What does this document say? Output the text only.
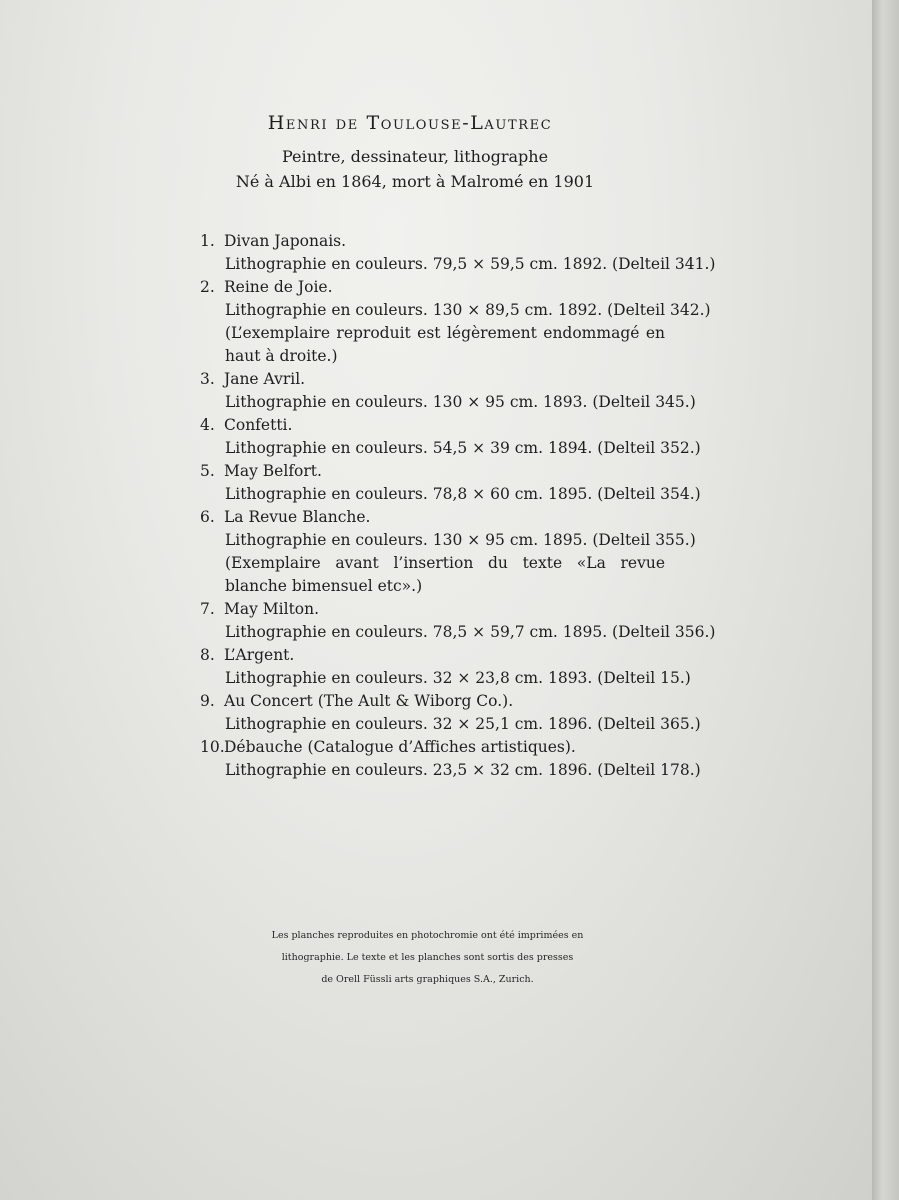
Henri de Toulouse-Lautrec
Peintre, dessinateur, lithographe
Né à Albi en 1864, mort à Malromé en 1901
1. Divan Japonais.
Lithographie en couleurs. 79,5 × 59,5 cm. 1892. (Delteil 341.)
2. Reine de Joie.
Lithographie en couleurs. 130 × 89,5 cm. 1892. (Delteil 342.)
(L’exemplaire reproduit est légèrement endommagé en haut à droite.)
3. Jane Avril.
Lithographie en couleurs. 130 × 95 cm. 1893. (Delteil 345.)
4. Confetti.
Lithographie en couleurs. 54,5 × 39 cm. 1894. (Delteil 352.)
5. May Belfort.
Lithographie en couleurs. 78,8 × 60 cm. 1895. (Delteil 354.)
6. La Revue Blanche.
Lithographie en couleurs. 130 × 95 cm. 1895. (Delteil 355.)
(Exemplaire avant l’insertion du texte «La revue blanche bimensuel etc».)
7. May Milton.
Lithographie en couleurs. 78,5 × 59,7 cm. 1895. (Delteil 356.)
8. L’Argent.
Lithographie en couleurs. 32 × 23,8 cm. 1893. (Delteil 15.)
9. Au Concert (The Ault & Wiborg Co.).
Lithographie en couleurs. 32 × 25,1 cm. 1896. (Delteil 365.)
10.Débauche (Catalogue d’Affiches artistiques).
Lithographie en couleurs. 23,5 × 32 cm. 1896. (Delteil 178.)
Les planches reproduites en photochromie ont été imprimées en
lithographie. Le texte et les planches sont sortis des presses
de Orell Füssli arts graphiques S.A., Zurich.
